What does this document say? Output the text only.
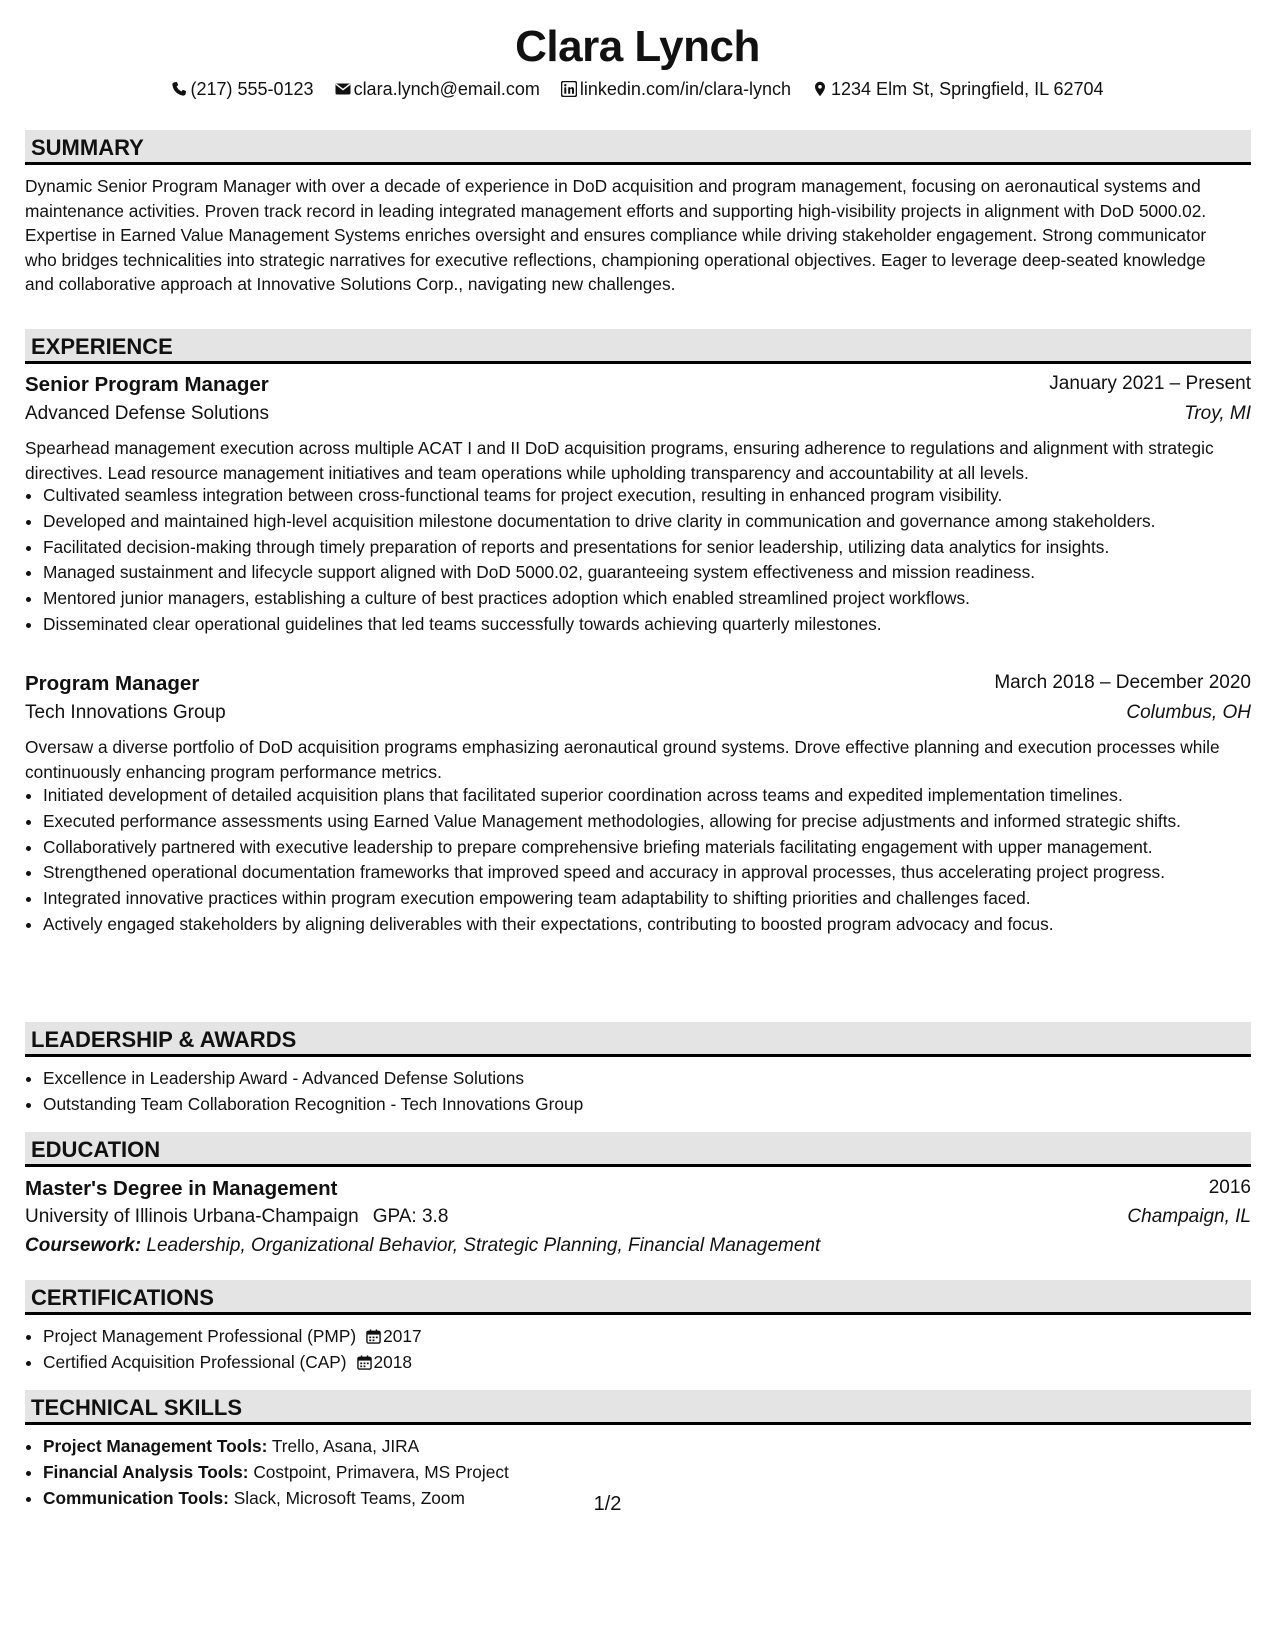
Clara Lynch
(217) 555-0123 clara.lynch@email.com linkedin.com/in/clara-lynch 1234 Elm St, Springfield, IL 62704
SUMMARY

Dynamic Senior Program Manager with over a decade of experience in DoD acquisition and program management, focusing on aeronautical systems and maintenance activities. Proven track record in leading integrated management efforts and supporting high-visibility projects in alignment with DoD 5000.02. Expertise in Earned Value Management Systems enriches oversight and ensures compliance while driving stakeholder engagement. Strong communicator who bridges technicalities into strategic narratives for executive reflections, championing operational objectives. Eager to leverage deep-seated knowledge and collaborative approach at Innovative Solutions Corp., navigating new challenges.

EXPERIENCE
Senior Program Manager	January 2021 – Present
Advanced Defense Solutions	Troy, MI

Spearhead management execution across multiple ACAT I and II DoD acquisition programs, ensuring adherence to regulations and alignment with strategic directives. Lead resource management initiatives and team operations while upholding transparency and accountability at all levels.

• Cultivated seamless integration between cross-functional teams for project execution, resulting in enhanced program visibility.
• Developed and maintained high-level acquisition milestone documentation to drive clarity in communication and governance among stakeholders.
• Facilitated decision-making through timely preparation of reports and presentations for senior leadership, utilizing data analytics for insights.
• Managed sustainment and lifecycle support aligned with DoD 5000.02, guaranteeing system effectiveness and mission readiness.
• Mentored junior managers, establishing a culture of best practices adoption which enabled streamlined project workflows.
• Disseminated clear operational guidelines that led teams successfully towards achieving quarterly milestones.
Program Manager	March 2018 – December 2020
Tech Innovations Group	Columbus, OH

Oversaw a diverse portfolio of DoD acquisition programs emphasizing aeronautical ground systems. Drove effective planning and execution processes while continuously enhancing program performance metrics.

• Initiated development of detailed acquisition plans that facilitated superior coordination across teams and expedited implementation timelines.
• Executed performance assessments using Earned Value Management methodologies, allowing for precise adjustments and informed strategic shifts.
• Collaboratively partnered with executive leadership to prepare comprehensive briefing materials facilitating engagement with upper management.
• Strengthened operational documentation frameworks that improved speed and accuracy in approval processes, thus accelerating project progress.
• Integrated innovative practices within program execution empowering team adaptability to shifting priorities and challenges faced.
• Actively engaged stakeholders by aligning deliverables with their expectations, contributing to boosted program advocacy and focus.
LEADERSHIP & AWARDS
• Excellence in Leadership Award - Advanced Defense Solutions
• Outstanding Team Collaboration Recognition - Tech Innovations Group
EDUCATION
Master's Degree in Management	2016
University of Illinois Urbana-Champaign GPA: 3.8	Champaign, IL
Coursework: Leadership, Organizational Behavior, Strategic Planning, Financial Management
CERTIFICATIONS
• Project Management Professional (PMP) 2017
• Certified Acquisition Professional (CAP) 2018
TECHNICAL SKILLS
• Project Management Tools: Trello, Asana, JIRA
• Financial Analysis Tools: Costpoint, Primavera, MS Project
• Communication Tools: Slack, Microsoft Teams, Zoom	1/2
